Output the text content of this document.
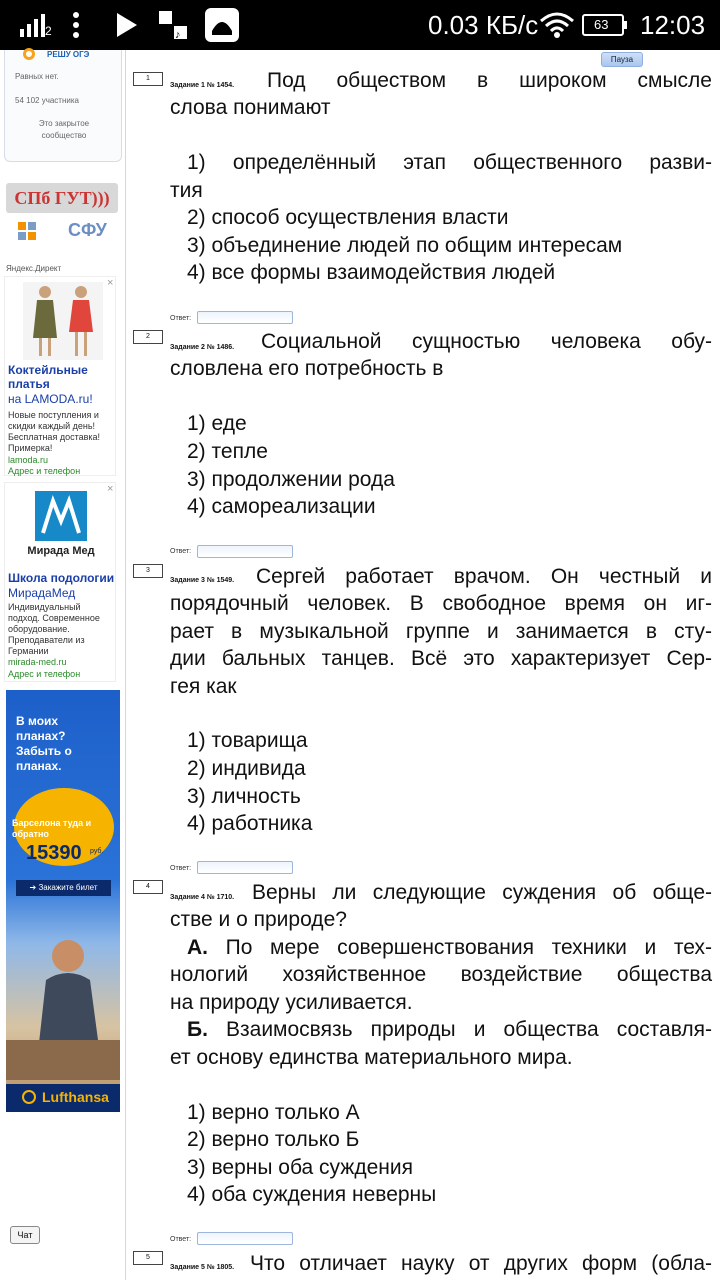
2	♪	0.03 КБ/с	63 12:03
РЕШУ ОГЭ
Равных нет.
54 102 участника
Это закрытое сообщество
СПб ГУТ)))
СФУ
Яндекс.Директ
×
Коктейльные платья
на LAMODA.ru!
Новые поступления и скидки каждый день! Бесплатная доставка! Примерка!
lamoda.ru
Адрес и телефон
×
Мирада Мед
Школа подологии
МирадаМед
Индивидуальный подход. Современное оборудование. Преподаватели из Германии
mirada-med.ru
Адрес и телефон
В моих планах? Забыть о планах.
Барселона туда и обратно
15390 руб.
➔ Закажите билет
Lufthansa
Чат
Пауза
1
Задание 1 № 1454.	Под обществом в широком смысле
слова понимают
1) определённый этап общественного разви-
тия
2) способ осуществления власти
3) объединение людей по общим интересам
4) все формы взаимодействия людей
Ответ:
2
Задание 2 № 1486.	Социальной сущностью человека обу-
словлена его потребность в
1) еде
2) тепле
3) продолжении рода
4) самореализации
Ответ:
3
Задание 3 № 1549.	Сергей работает врачом. Он честный и
порядочный человек. В свободное время он иг-
рает в музыкальной группе и занимается в сту-
дии бальных танцев. Всё это характеризует Сер-
гея как
1) товарища
2) индивида
3) личность
4) работника
Ответ:
4
Задание 4 № 1710. Верны ли следующие суждения об обще-
стве и о природе?
А. По мере совершенствования техники и тех-
нологий хозяйственное воздействие общества
на природу усиливается.
Б. Взаимосвязь природы и общества составля-
ет основу единства материального мира.
1) верно только А
2) верно только Б
3) верны оба суждения
4) оба суждения неверны
Ответ:
5
Задание 5 № 1805. Что отличает науку от других форм (обла-
